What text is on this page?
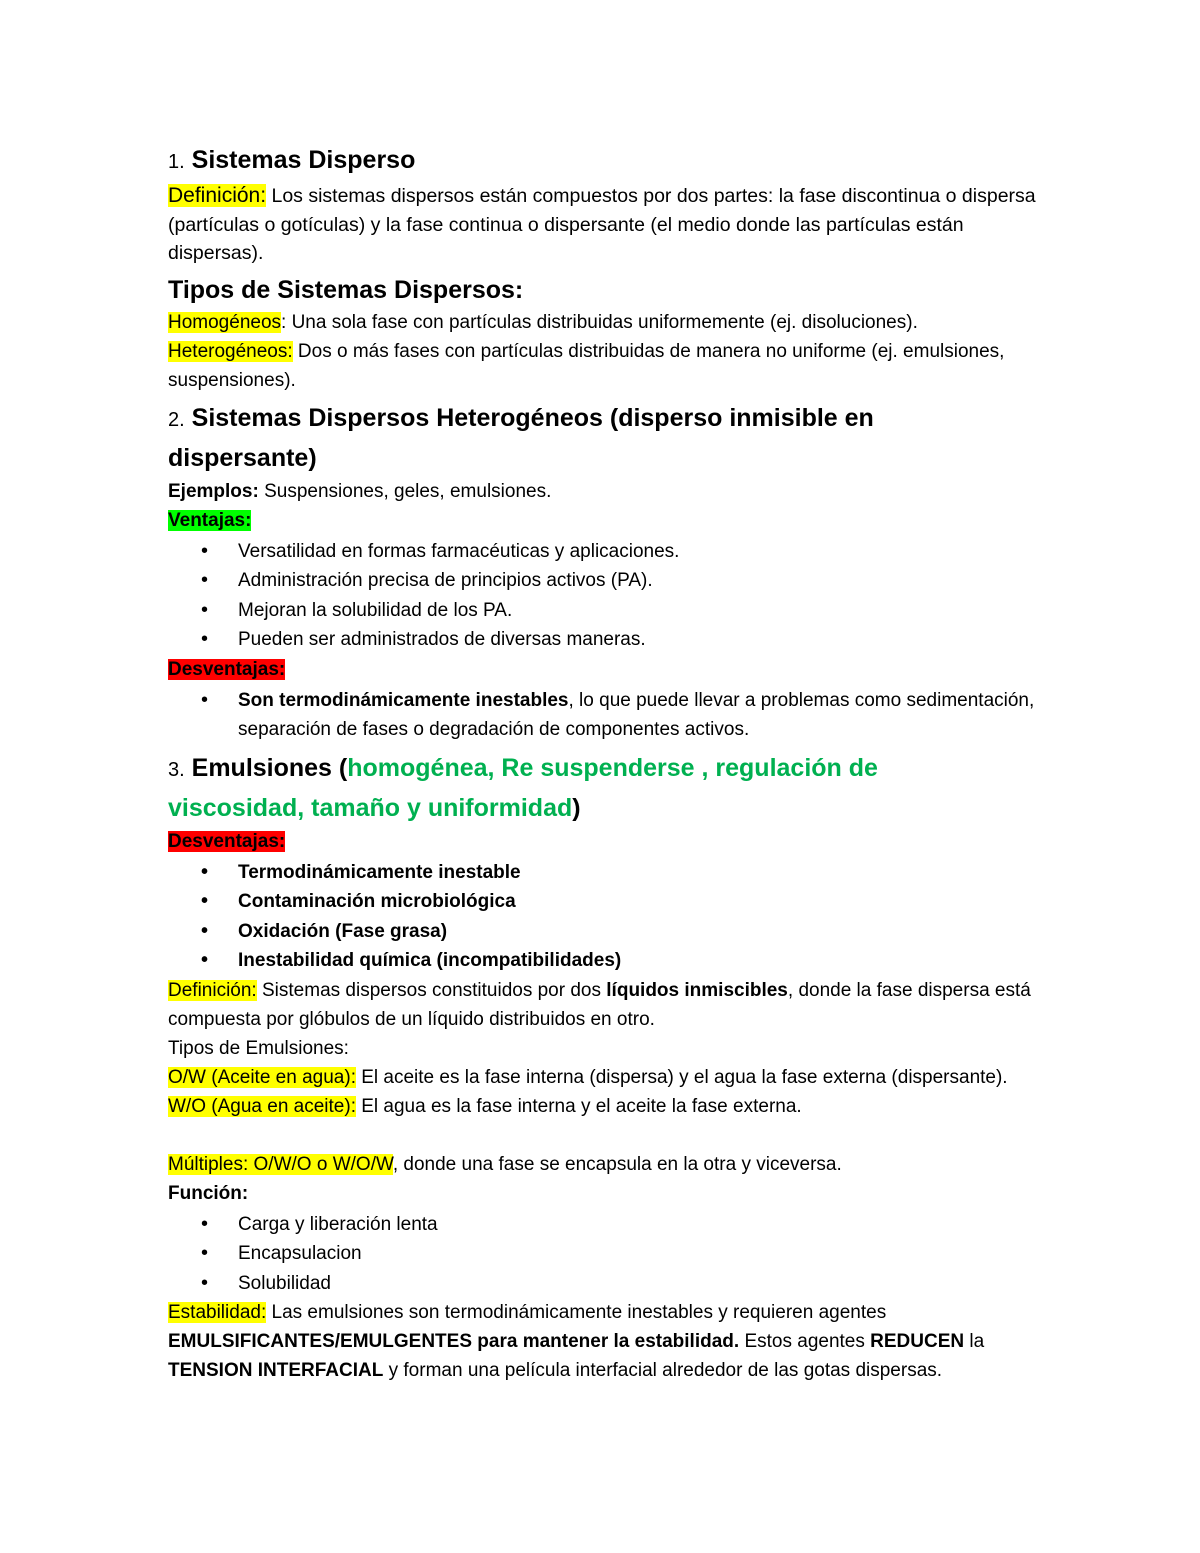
1. Sistemas Disperso

Definición: Los sistemas dispersos están compuestos por dos partes: la fase discontinua o dispersa (partículas o gotículas) y la fase continua o dispersante (el medio donde las partículas están dispersas).

Tipos de Sistemas Dispersos:

Homogéneos: Una sola fase con partículas distribuidas uniformemente (ej. disoluciones).

Heterogéneos: Dos o más fases con partículas distribuidas de manera no uniforme (ej. emulsiones, suspensiones).

2. Sistemas Dispersos Heterogéneos (disperso inmisible en dispersante)

Ejemplos: Suspensiones, geles, emulsiones.

Ventajas:

• Versatilidad en formas farmacéuticas y aplicaciones.
• Administración precisa de principios activos (PA).
• Mejoran la solubilidad de los PA.
• Pueden ser administrados de diversas maneras.

Desventajas:

• Son termodinámicamente inestables, lo que puede llevar a problemas como sedimentación, separación de fases o degradación de componentes activos.

3. Emulsiones (homogénea, Re suspenderse , regulación de viscosidad, tamaño y uniformidad)

Desventajas:

• Termodinámicamente inestable
• Contaminación microbiológica
• Oxidación (Fase grasa)
• Inestabilidad química (incompatibilidades)

Definición: Sistemas dispersos constituidos por dos líquidos inmiscibles, donde la fase dispersa está compuesta por glóbulos de un líquido distribuidos en otro.

Tipos de Emulsiones:

O/W (Aceite en agua): El aceite es la fase interna (dispersa) y el agua la fase externa (dispersante).

W/O (Agua en aceite): El agua es la fase interna y el aceite la fase externa.

Múltiples: O/W/O o W/O/W, donde una fase se encapsula en la otra y viceversa.

Función:

• Carga y liberación lenta
• Encapsulacion
• Solubilidad

Estabilidad: Las emulsiones son termodinámicamente inestables y requieren agentes EMULSIFICANTES/EMULGENTES para mantener la estabilidad. Estos agentes REDUCEN la TENSION INTERFACIAL y forman una película interfacial alrededor de las gotas dispersas.
